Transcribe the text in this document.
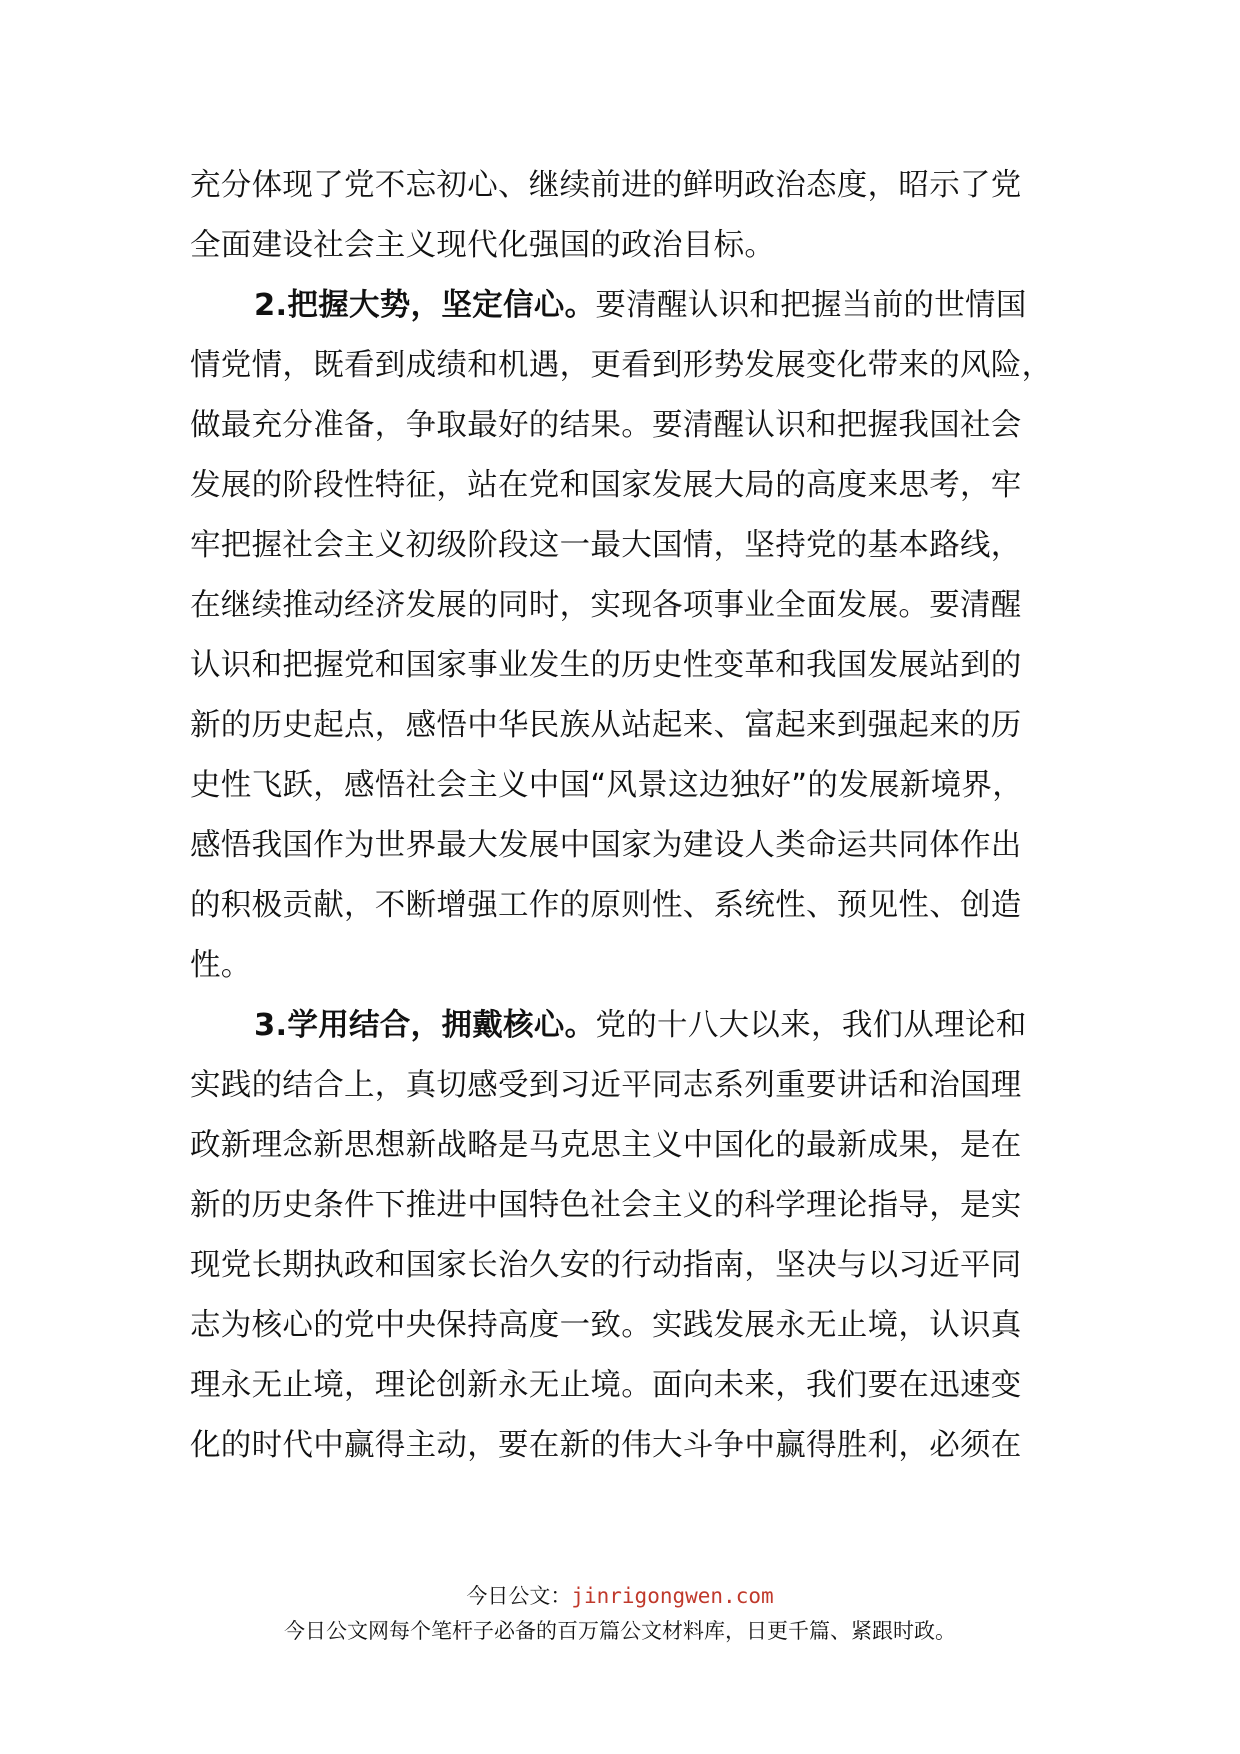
充分体现了党不忘初心、继续前进的鲜明政治态度，昭示了党
全面建设社会主义现代化强国的政治目标。
2.把握大势，坚定信心。要清醒认识和把握当前的世情国
情党情，既看到成绩和机遇，更看到形势发展变化带来的风险，
做最充分准备，争取最好的结果。要清醒认识和把握我国社会
发展的阶段性特征，站在党和国家发展大局的高度来思考，牢
牢把握社会主义初级阶段这一最大国情，坚持党的基本路线，
在继续推动经济发展的同时，实现各项事业全面发展。要清醒
认识和把握党和国家事业发生的历史性变革和我国发展站到的
新的历史起点，感悟中华民族从站起来、富起来到强起来的历
史性飞跃，感悟社会主义中国“风景这边独好”的发展新境界，
感悟我国作为世界最大发展中国家为建设人类命运共同体作出
的积极贡献，不断增强工作的原则性、系统性、预见性、创造
性。
3.学用结合，拥戴核心。党的十八大以来，我们从理论和
实践的结合上，真切感受到习近平同志系列重要讲话和治国理
政新理念新思想新战略是马克思主义中国化的最新成果，是在
新的历史条件下推进中国特色社会主义的科学理论指导，是实
现党长期执政和国家长治久安的行动指南，坚决与以习近平同
志为核心的党中央保持高度一致。实践发展永无止境，认识真
理永无止境，理论创新永无止境。面向未来，我们要在迅速变
化的时代中赢得主动，要在新的伟大斗争中赢得胜利，必须在
今日公文：jinrigongwen.com
今日公文网每个笔杆子必备的百万篇公文材料库，日更千篇、紧跟时政。
